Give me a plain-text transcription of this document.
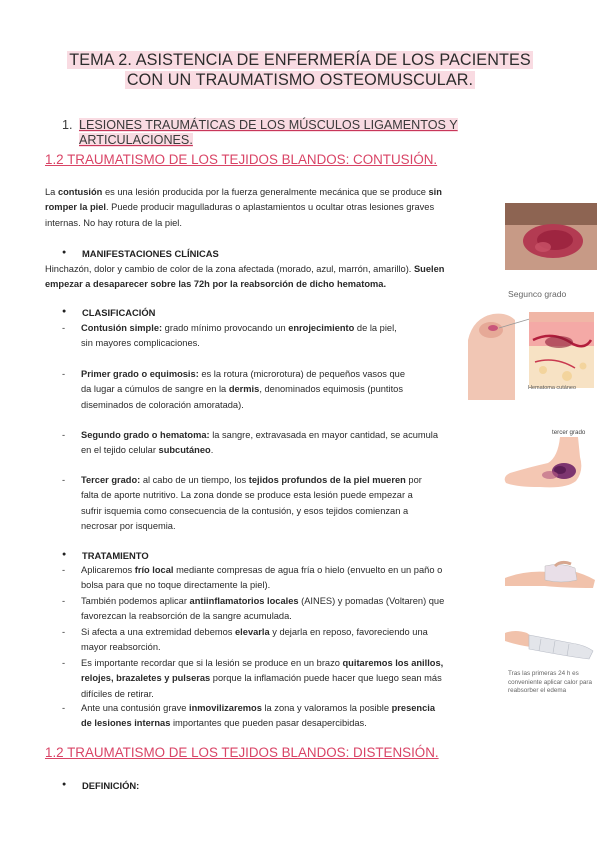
TEMA 2. ASISTENCIA DE ENFERMERÍA DE LOS PACIENTES
CON UN TRAUMATISMO OSTEOMUSCULAR.
1. LESIONES TRAUMÁTICAS DE LOS MÚSCULOS LIGAMENTOS Y
ARTICULACIONES.
1.2 TRAUMATISMO DE LOS TEJIDOS BLANDOS: CONTUSIÓN.
La contusión es una lesión producida por la fuerza generalmente mecánica que se produce sin
romper la piel. Puede producir magulladuras o aplastamientos u ocultar otras lesiones graves
internas. No hay rotura de la piel.
● MANIFESTACIONES CLÍNICAS
Hinchazón, dolor y cambio de color de la zona afectada (morado, azul, marrón, amarillo). Suelen
empezar a desaparecer sobre las 72h por la reabsorción de dicho hematoma.
● CLASIFICACIÓN
- Contusión simple: grado mínimo provocando un enrojecimiento de la piel,
sin mayores complicaciones.
- Primer grado o equimosis: es la rotura (microrotura) de pequeños vasos que
da lugar a cúmulos de sangre en la dermis, denominados equimosis (puntitos
diseminados de coloración amoratada).
- Segundo grado o hematoma: la sangre, extravasada en mayor cantidad, se acumula
en el tejido celular subcutáneo.
- Tercer grado: al cabo de un tiempo, los tejidos profundos de la piel mueren por
falta de aporte nutritivo. La zona donde se produce esta lesión puede empezar a
sufrir isquemia como consecuencia de la contusión, y esos tejidos comienzan a
necrosar por isquemia.
● TRATAMIENTO
- Aplicaremos frío local mediante compresas de agua fría o hielo (envuelto en un paño o
bolsa para que no toque directamente la piel).
- También podemos aplicar antiinflamatorios locales (AINES) y pomadas (Voltaren) que
favorezcan la reabsorción de la sangre acumulada.
- Si afecta a una extremidad debemos elevarla y dejarla en reposo, favoreciendo una
mayor reabsorción.
- Es importante recordar que si la lesión se produce en un brazo quitaremos los anillos,
relojes, brazaletes y pulseras porque la inflamación puede hacer que luego sean más
difíciles de retirar.
- Ante una contusión grave inmovilizaremos la zona y valoramos la posible presencia
de lesiones internas importantes que pueden pasar desapercibidas.
1.2 TRAUMATISMO DE LOS TEJIDOS BLANDOS: DISTENSIÓN.
● DEFINICIÓN:
Segunco grado
Hematoma cutáneo
tercer grado
Tras las primeras 24 h es
conveniente aplicar calor para
reabsorber el edema
